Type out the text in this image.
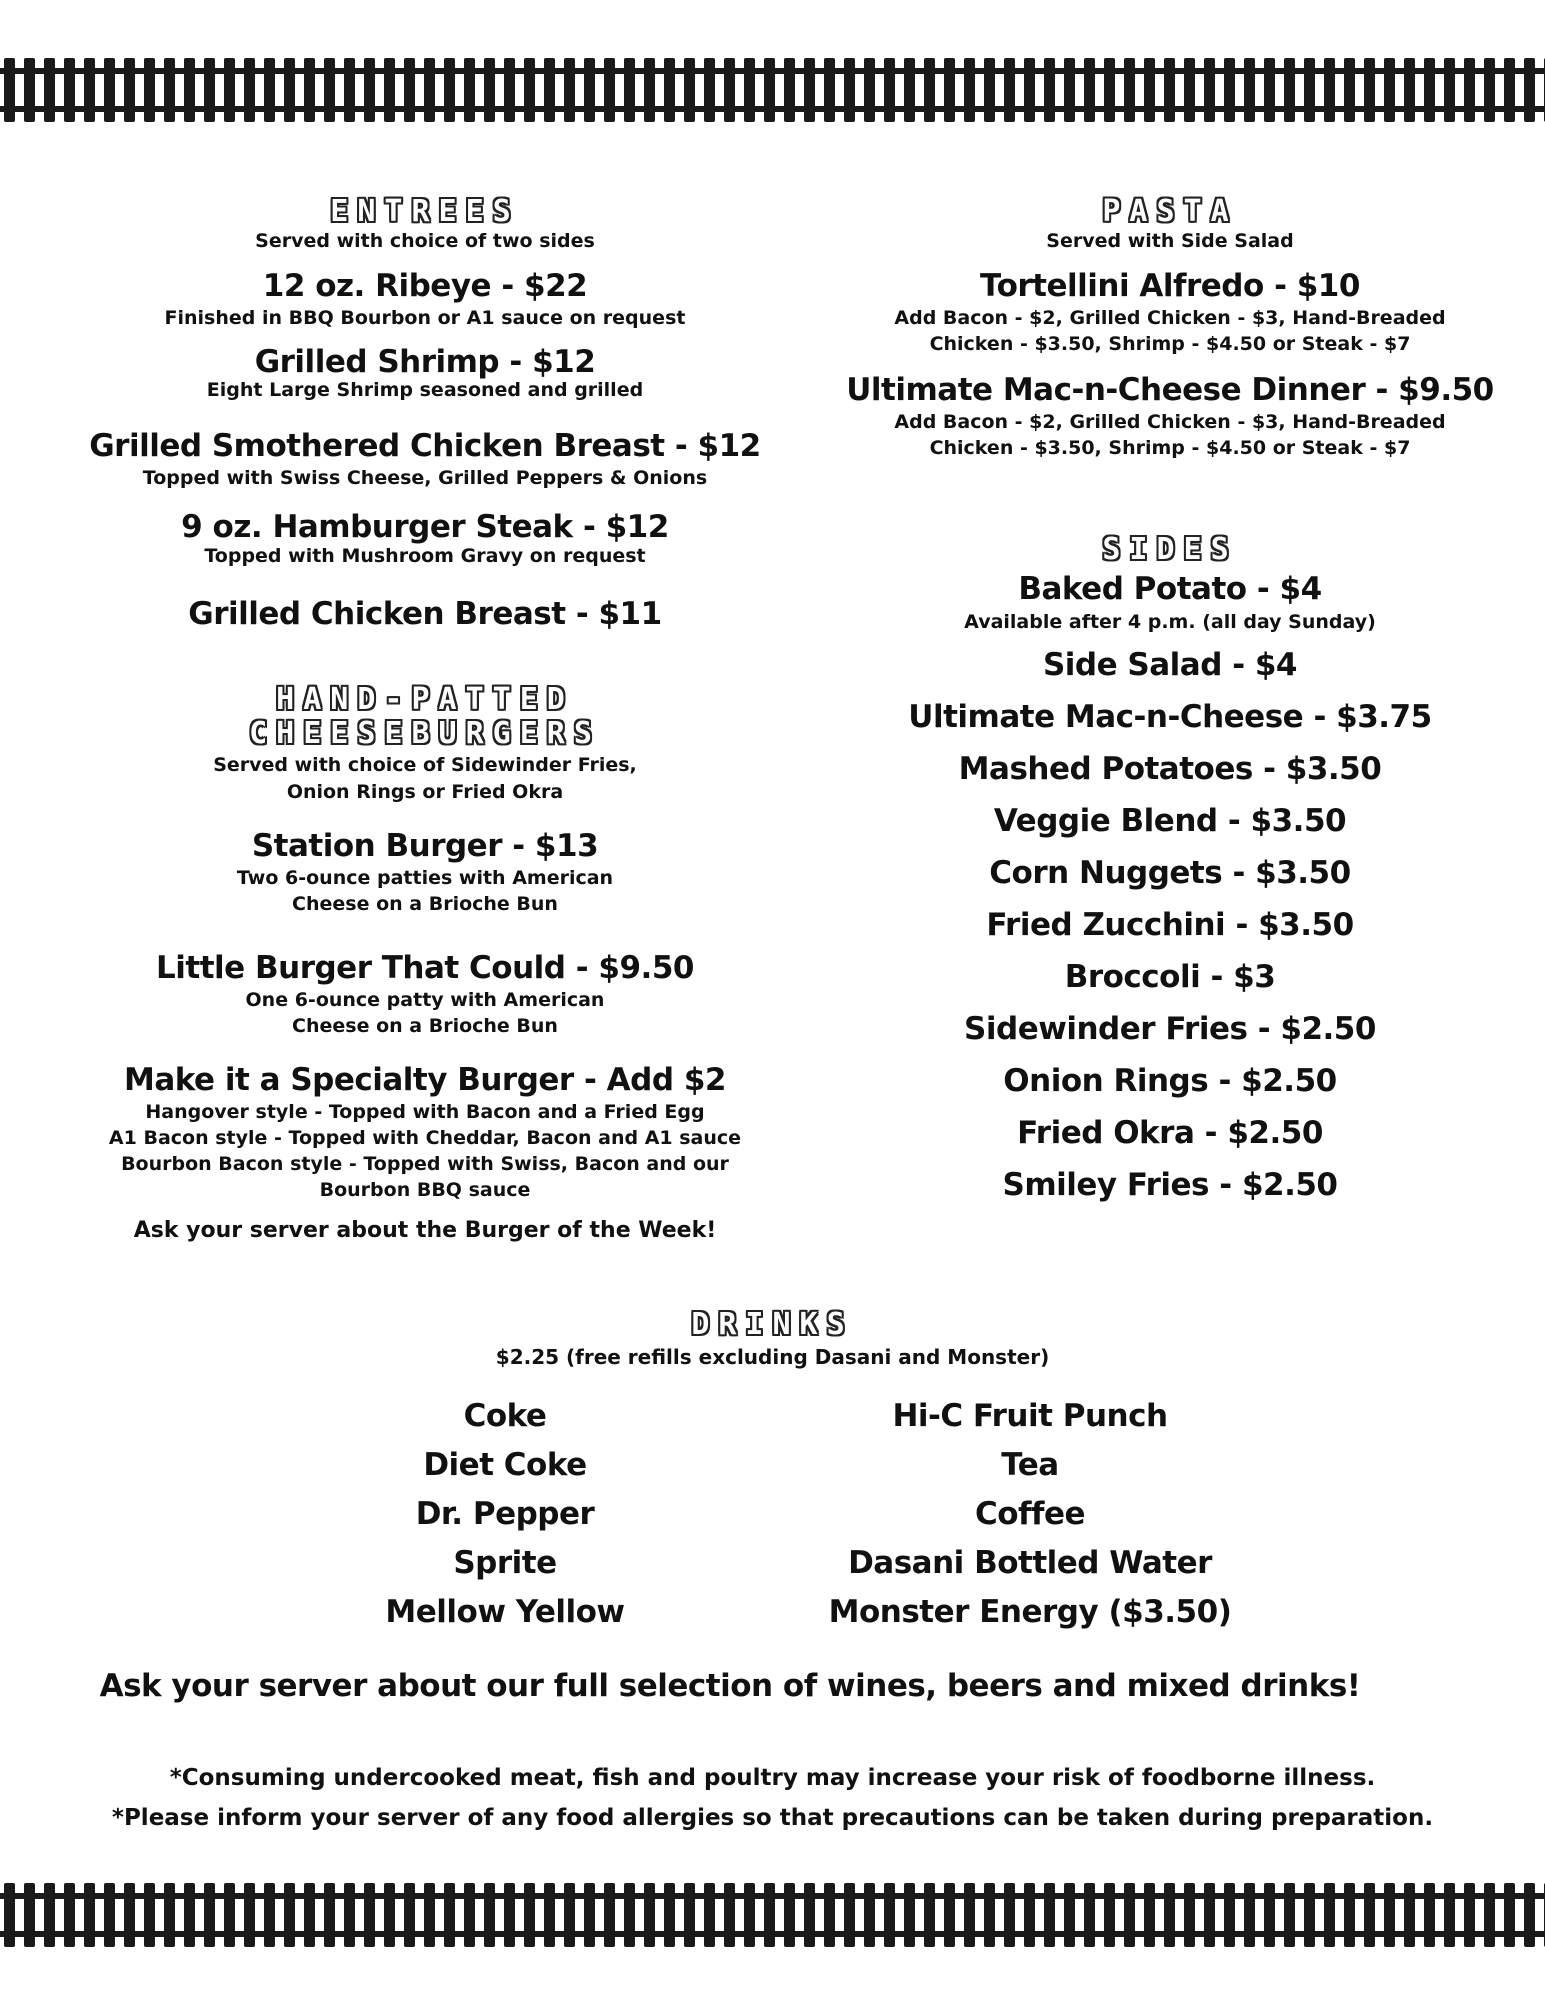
ENTREES
Served with choice of two sides
12 oz. Ribeye - $22
Finished in BBQ Bourbon or A1 sauce on request
Grilled Shrimp - $12
Eight Large Shrimp seasoned and grilled
Grilled Smothered Chicken Breast - $12
Topped with Swiss Cheese, Grilled Peppers & Onions
9 oz. Hamburger Steak - $12
Topped with Mushroom Gravy on request
Grilled Chicken Breast - $11
HAND-PATTED
CHEESEBURGERS
Served with choice of Sidewinder Fries,
Onion Rings or Fried Okra
Station Burger - $13
Two 6-ounce patties with American
Cheese on a Brioche Bun
Little Burger That Could - $9.50
One 6-ounce patty with American
Cheese on a Brioche Bun
Make it a Specialty Burger - Add $2
Hangover style - Topped with Bacon and a Fried Egg
A1 Bacon style - Topped with Cheddar, Bacon and A1 sauce
Bourbon Bacon style - Topped with Swiss, Bacon and our
Bourbon BBQ sauce
Ask your server about the Burger of the Week!
PASTA
Served with Side Salad
Tortellini Alfredo - $10
Add Bacon - $2, Grilled Chicken - $3, Hand-Breaded
Chicken - $3.50, Shrimp - $4.50 or Steak - $7
Ultimate Mac-n-Cheese Dinner - $9.50
Add Bacon - $2, Grilled Chicken - $3, Hand-Breaded
Chicken - $3.50, Shrimp - $4.50 or Steak - $7
SIDES
Baked Potato - $4
Available after 4 p.m. (all day Sunday)
Side Salad - $4
Ultimate Mac-n-Cheese - $3.75
Mashed Potatoes - $3.50
Veggie Blend - $3.50
Corn Nuggets - $3.50
Fried Zucchini - $3.50
Broccoli - $3
Sidewinder Fries - $2.50
Onion Rings - $2.50
Fried Okra - $2.50
Smiley Fries - $2.50
DRINKS
$2.25 (free refills excluding Dasani and Monster)
Coke
Diet Coke
Dr. Pepper
Sprite
Mellow Yellow
Hi-C Fruit Punch
Tea
Coffee
Dasani Bottled Water
Monster Energy ($3.50)
Ask your server about our full selection of wines, beers and mixed drinks!
*Consuming undercooked meat, fish and poultry may increase your risk of foodborne illness.
*Please inform your server of any food allergies so that precautions can be taken during preparation.
